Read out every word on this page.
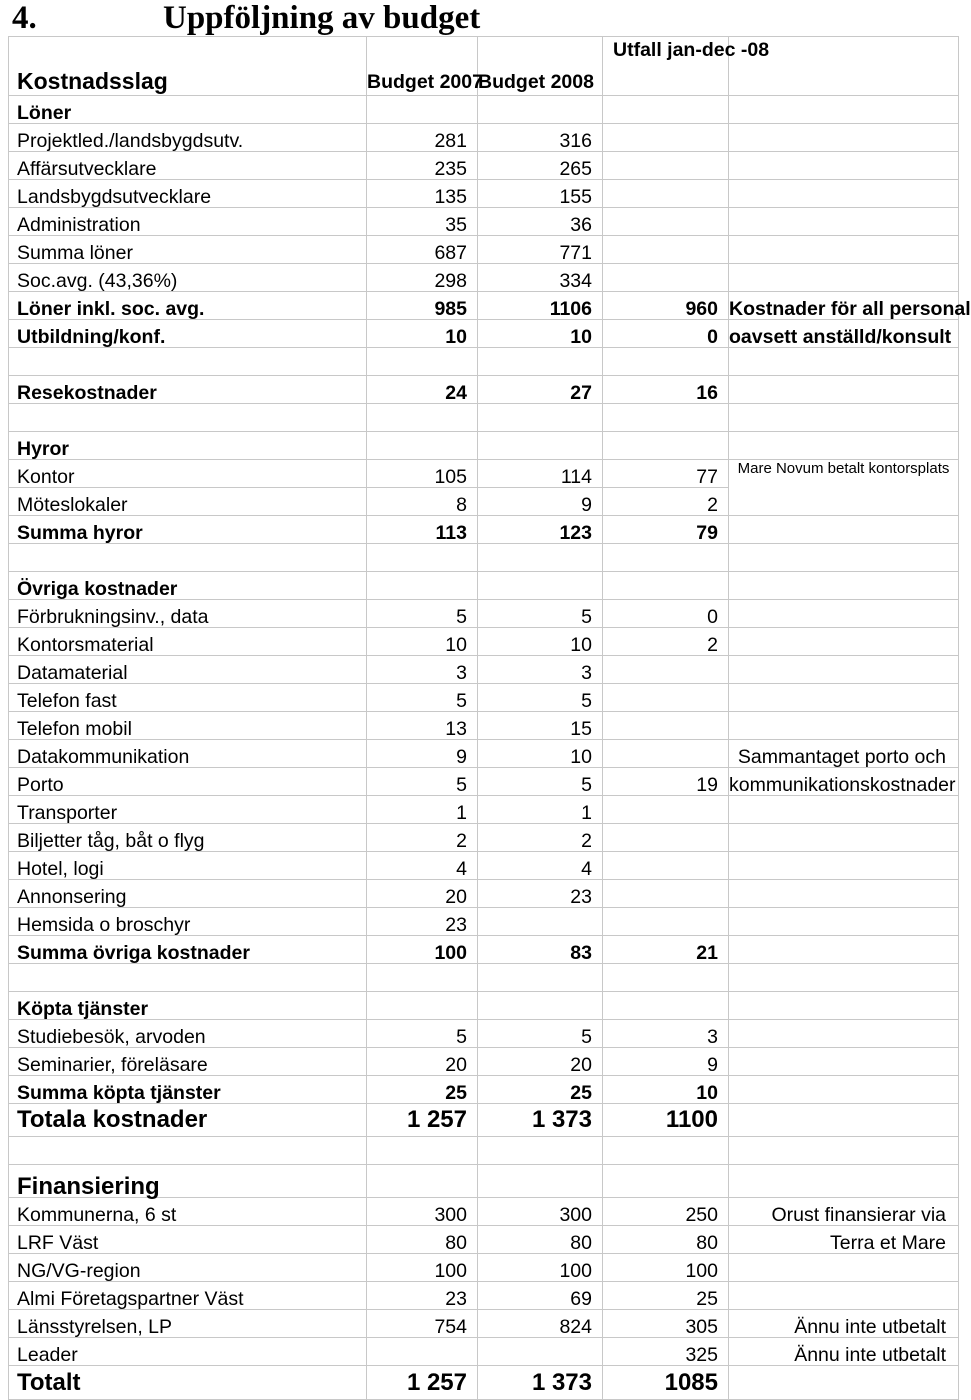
4.	Uppföljning av budget
Kostnadsslag	Budget 2007	Budget 2008	Utfall jan-dec -08	
Löner				
Projektled./landsbygdsutv.	281	316		
Affärsutvecklare	235	265		
Landsbygdsutvecklare	135	155		
Administration	35	36		
Summa löner	687	771		
Soc.avg. (43,36%)	298	334		
Löner inkl. soc. avg.	985	1106	960	Kostnader för all personal
Utbildning/konf.	10	10	0	oavsett anställd/konsult

Resekostnader	24	27	16	

Hyror				
Kontor	105	114	77	Mare Novum betalt kontorsplats
Möteslokaler	8	9	2	
Summa hyror	113	123	79	

Övriga kostnader				
Förbrukningsinv., data	5	5	0	
Kontorsmaterial	10	10	2	
Datamaterial	3	3		
Telefon fast	5	5		
Telefon mobil	13	15		
Datakommunikation	9	10		Sammantaget porto och
Porto	5	5	19	kommunikationskostnader
Transporter	1	1		
Biljetter tåg, båt o flyg	2	2		
Hotel, logi	4	4		
Annonsering	20	23		
Hemsida o broschyr	23			
Summa övriga kostnader	100	83	21	

Köpta tjänster				
Studiebesök, arvoden	5	5	3	
Seminarier, föreläsare	20	20	9	
Summa köpta tjänster	25	25	10	
Totala kostnader	1 257	1 373	1100	

Finansiering				
Kommunerna, 6 st	300	300	250	Orust finansierar via
LRF Väst	80	80	80	Terra et Mare
NG/VG-region	100	100	100	
Almi Företagspartner Väst	23	69	25	
Länsstyrelsen, LP	754	824	305	Ännu inte utbetalt
Leader			325	Ännu inte utbetalt
Totalt	1 257	1 373	1085	
